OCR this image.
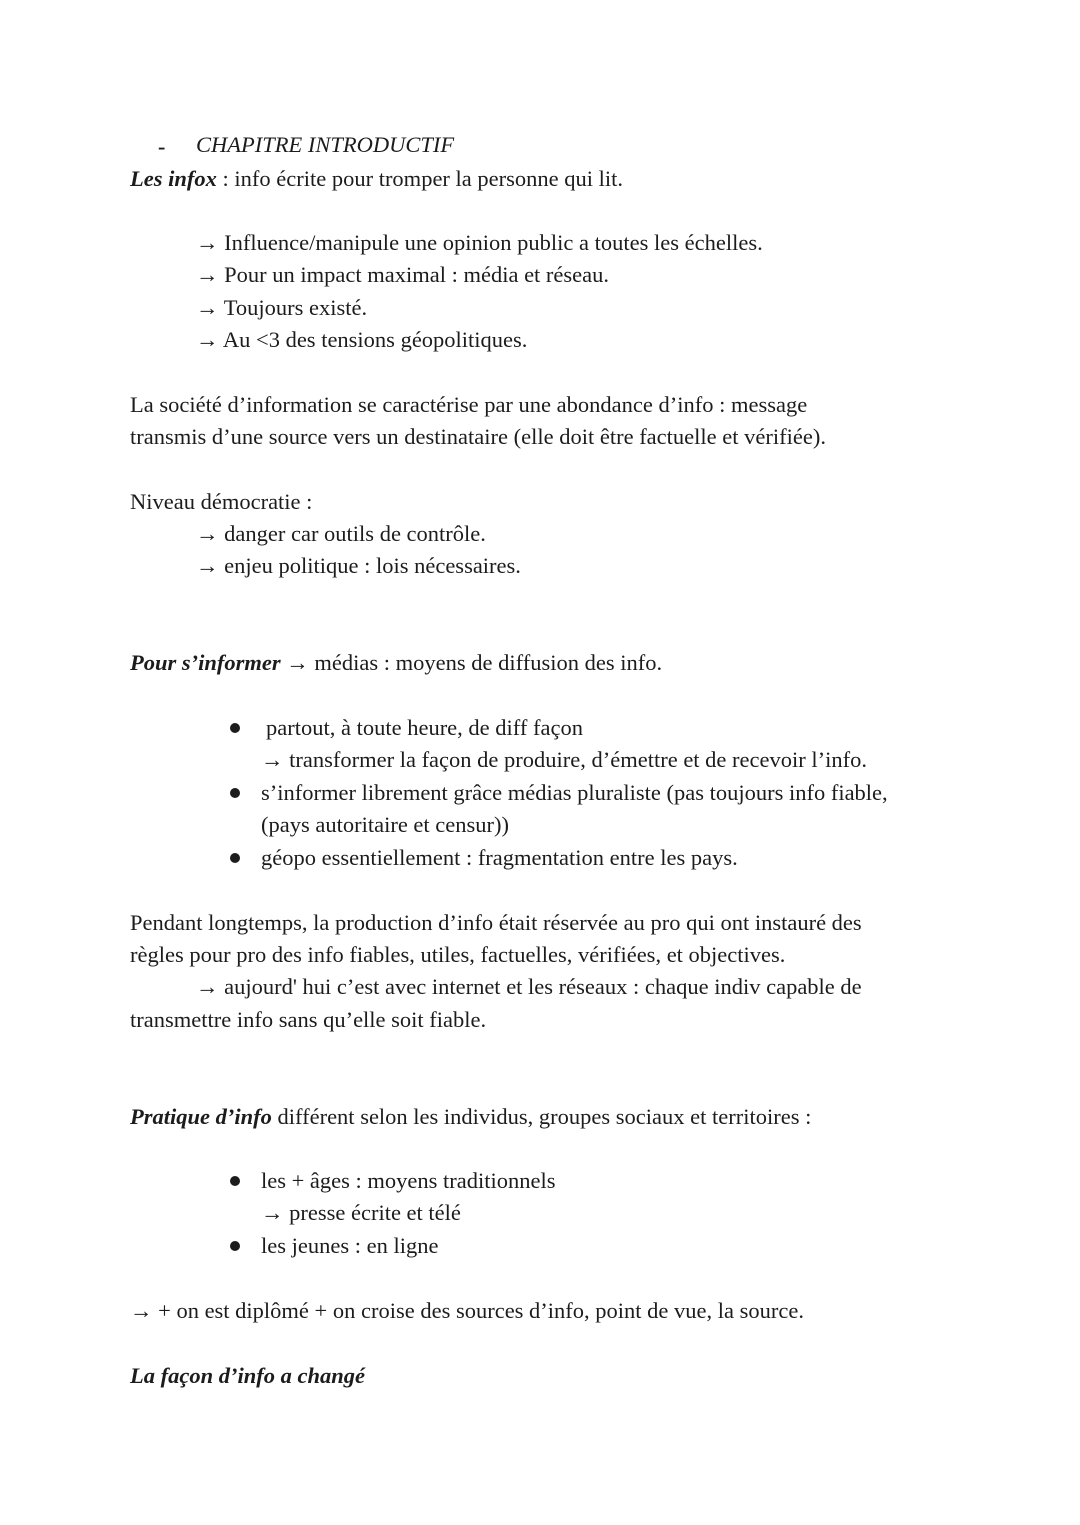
- CHAPITRE INTRODUCTIF
Les infox : info écrite pour tromper la personne qui lit.
→ Influence/manipule une opinion public a toutes les échelles.
→ Pour un impact maximal : média et réseau.
→ Toujours existé.
→ Au <3 des tensions géopolitiques.
La société d’information se caractérise par une abondance d’info : message
transmis d’une source vers un destinataire (elle doit être factuelle et vérifiée).
Niveau démocratie :
→ danger car outils de contrôle.
→ enjeu politique : lois nécessaires.
Pour s’informer → médias : moyens de diffusion des info.
partout, à toute heure, de diff façon
→ transformer la façon de produire, d’émettre et de recevoir l’info.
s’informer librement grâce médias pluraliste (pas toujours info fiable,
(pays autoritaire et censur))
géopo essentiellement : fragmentation entre les pays.
Pendant longtemps, la production d’info était réservée au pro qui ont instauré des
règles pour pro des info fiables, utiles, factuelles, vérifiées, et objectives.
→ aujourd' hui c’est avec internet et les réseaux : chaque indiv capable de
transmettre info sans qu’elle soit fiable.
Pratique d’info différent selon les individus, groupes sociaux et territoires :
les + âges : moyens traditionnels
→ presse écrite et télé
les jeunes : en ligne
→ + on est diplômé + on croise des sources d’info, point de vue, la source.
La façon d’info a changé
